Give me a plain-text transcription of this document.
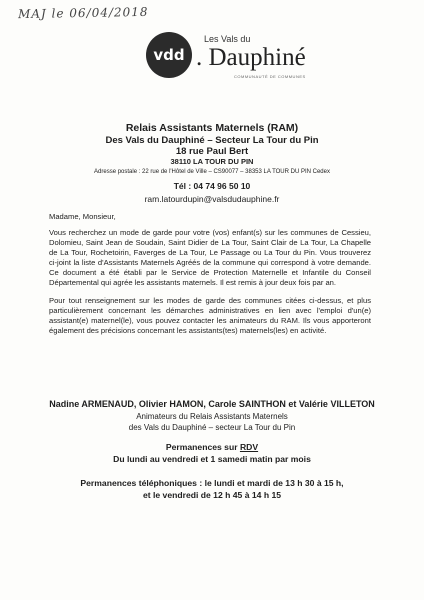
MAJ le 06/04/2018
vdd
Les Vals du
. Dauphiné
COMMUNAUTÉ DE COMMUNES
Relais Assistants Maternels (RAM)
Des Vals du Dauphiné – Secteur La Tour du Pin
18 rue Paul Bert
38110 LA TOUR DU PIN
Adresse postale : 22 rue de l'Hôtel de Ville – CS90077 – 38353 LA TOUR DU PIN Cedex
Tél : 04 74 96 50 10
ram.latourdupin@valsdudauphine.fr
Madame, Monsieur,
Vous recherchez un mode de garde pour votre (vos) enfant(s) sur les communes de Cessieu, Dolomieu, Saint Jean de Soudain, Saint Didier de La Tour, Saint Clair de La Tour, La Chapelle de La Tour, Rochetoirin, Faverges de La Tour, Le Passage ou La Tour du Pin. Vous trouverez ci-joint la liste d'Assistants Maternels Agréés de la commune qui correspond à votre demande. Ce document a été établi par le Service de Protection Maternelle et Infantile du Conseil Départemental qui agrée les assistants maternels. Il est remis à jour deux fois par an.
Pour tout renseignement sur les modes de garde des communes citées ci-dessus, et plus particulièrement concernant les démarches administratives en lien avec l'emploi d'un(e) assistant(e) maternel(le), vous pouvez contacter les animateurs du RAM. Ils vous apporteront également des précisions concernant les assistants(tes) maternels(les) en activité.
Nadine ARMENAUD, Olivier HAMON, Carole SAINTHON et Valérie VILLETON
Animateurs du Relais Assistants Maternels
des Vals du Dauphiné – secteur La Tour du Pin
Permanences sur RDV
Du lundi au vendredi et 1 samedi matin par mois
Permanences téléphoniques : le lundi et mardi de 13 h 30 à 15 h,
et le vendredi de 12 h 45 à 14 h 15
